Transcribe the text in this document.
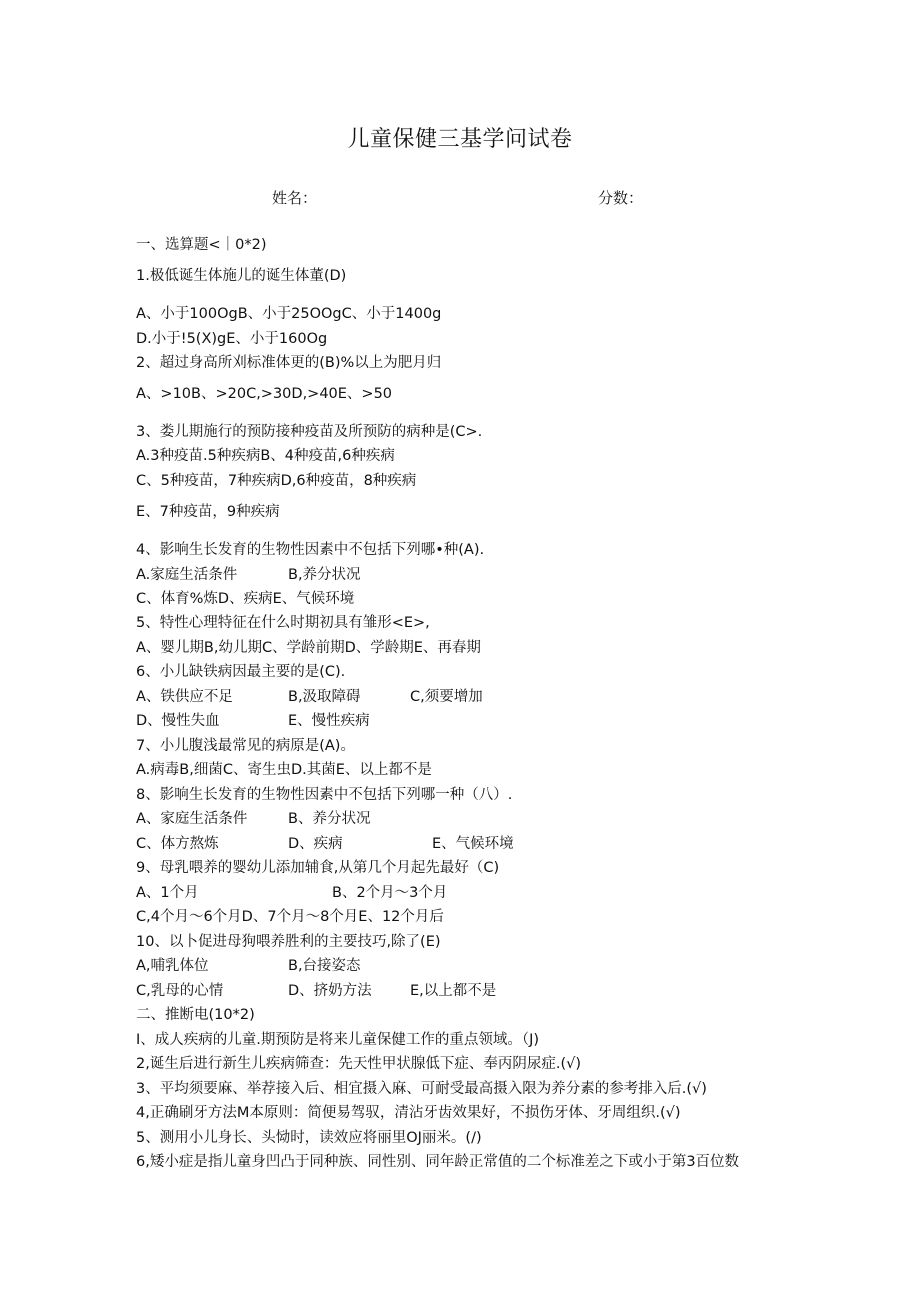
儿童保健三基学问试卷
姓名：	分数：
一、选算题<｜0*2)
1.极低诞生体施儿的诞生体董(D)
A、小于100OgB、小于25OOgC、小于1400g
D.小于!5(X)gE、小于160Og
2、超过身高所刈标准体更的(B)%以上为肥月归
A、>10B、>20C,>30D,>40E、>50
3、娄儿期施行的预防接种疫苗及所预防的病种是(C>.
A.3种疫苗.5种疾病B、4种疫苗,6种疾病
C、5种疫苗，7种疾病D,6种疫苗，8种疾病
E、7种疫苗，9种疾病
4、影响生长发育的生物性因素中不包括下列哪•种(A).
A.家庭生活条件	B,养分状况
C、体育%炼D、疾病E、气候环境
5、特性心理特征在什么时期初具有雏形<E>,
A、婴儿期B,幼儿期C、学龄前期D、学龄期E、再春期
6、小儿缺铁病因最主要的是(C).
A、铁供应不足	B,汲取障碍	C,须要增加
D、慢性失血	E、慢性疾病
7、小儿腹浅最常见的病原是(A)。
A.病毒B,细菌C、寄生虫D.其菌E、以上都不是
8、影响生长发育的生物性因素中不包括下列哪一种（八）.
A、家庭生活条件	B、养分状况
C、体方熬炼	D、疾病	E、气候环境
9、母乳喂养的婴幼儿添加辅食,从第几个月起先最好（C)
A、1个月	B、2个月〜3个月
C,4个月〜6个月D、7个月〜8个月E、12个月后
10、以卜促进母狗喂养胜利的主要技巧,除了(E)
A,哺乳体位	B,台接姿态
C,乳母的心情	D、挤奶方法	E,以上都不是
二、推断电(10*2)
I、成人疾病的儿童.期预防是将来儿童保健工作的重点领域。（J)
2,诞生后进行新生儿疾病筛查：先天性甲状腺低下症、奉丙阴尿症.(√)
3、平均须要麻、举荐接入后、相宜摄入麻、可耐受最高摄入限为养分素的参考排入后.(√)
4,正确刷牙方法M本原则：简便易驾驭，清沾牙齿效果好，不损伤牙体、牙周组织.(√)
5、测用小儿身长、头恸时，读效应将丽里OJ丽米。(/)
6,矮小症是指儿童身凹凸于同种族、同性别、同年龄正常值的二个标准差之下或小于第3百位数
